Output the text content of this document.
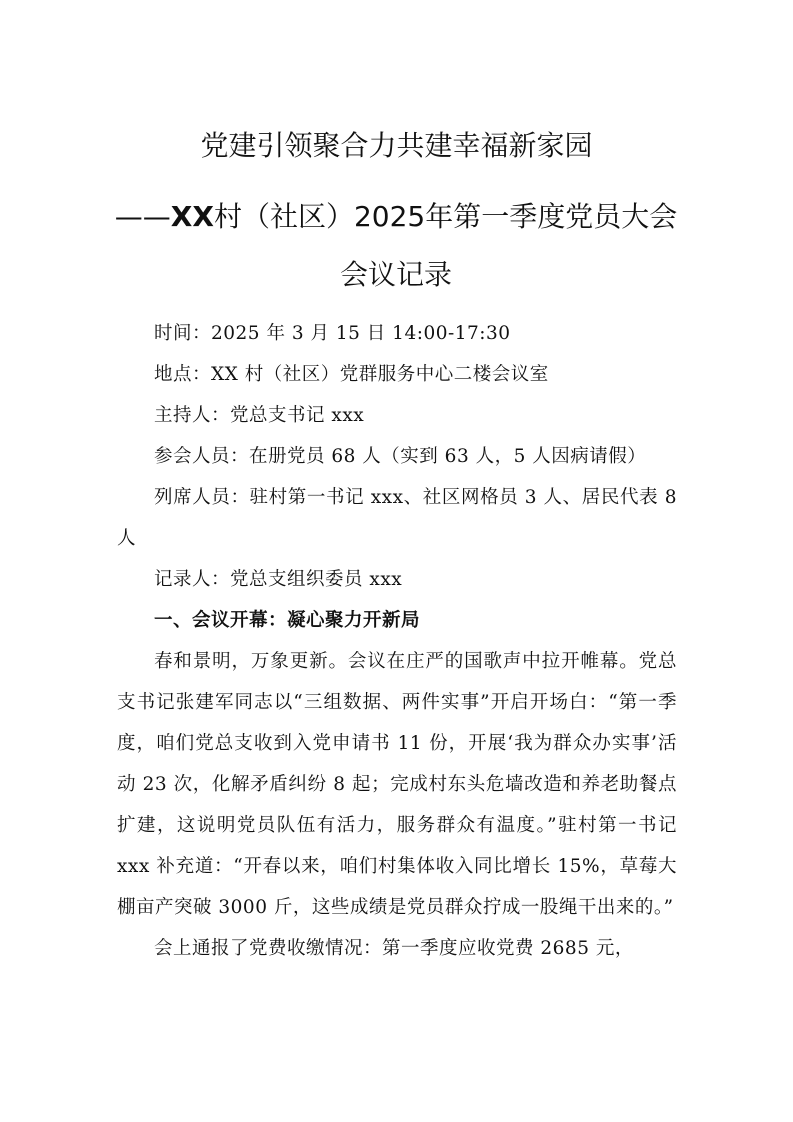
党建引领聚合力共建幸福新家园
——XX村（社区）2025年第一季度党员大会会议记录

时间：2025 年 3 月 15 日 14:00-17:30

地点：XX 村（社区）党群服务中心二楼会议室

主持人：党总支书记 xxx

参会人员：在册党员 68 人（实到 63 人，5 人因病请假）

列席人员：驻村第一书记 xxx、社区网格员 3 人、居民代表 8 人

记录人：党总支组织委员 xxx

一、会议开幕：凝心聚力开新局

春和景明，万象更新。会议在庄严的国歌声中拉开帷幕。党总支书记张建军同志以“三组数据、两件实事”开启开场白：“第一季度，咱们党总支收到入党申请书 11 份，开展‘我为群众办实事’活动 23 次，化解矛盾纠纷 8 起；完成村东头危墙改造和养老助餐点扩建，这说明党员队伍有活力，服务群众有温度。”驻村第一书记 xxx 补充道：“开春以来，咱们村集体收入同比增长 15%，草莓大棚亩产突破 3000 斤，这些成绩是党员群众拧成一股绳干出来的。”

会上通报了党费收缴情况：第一季度应收党费 2685 元，
